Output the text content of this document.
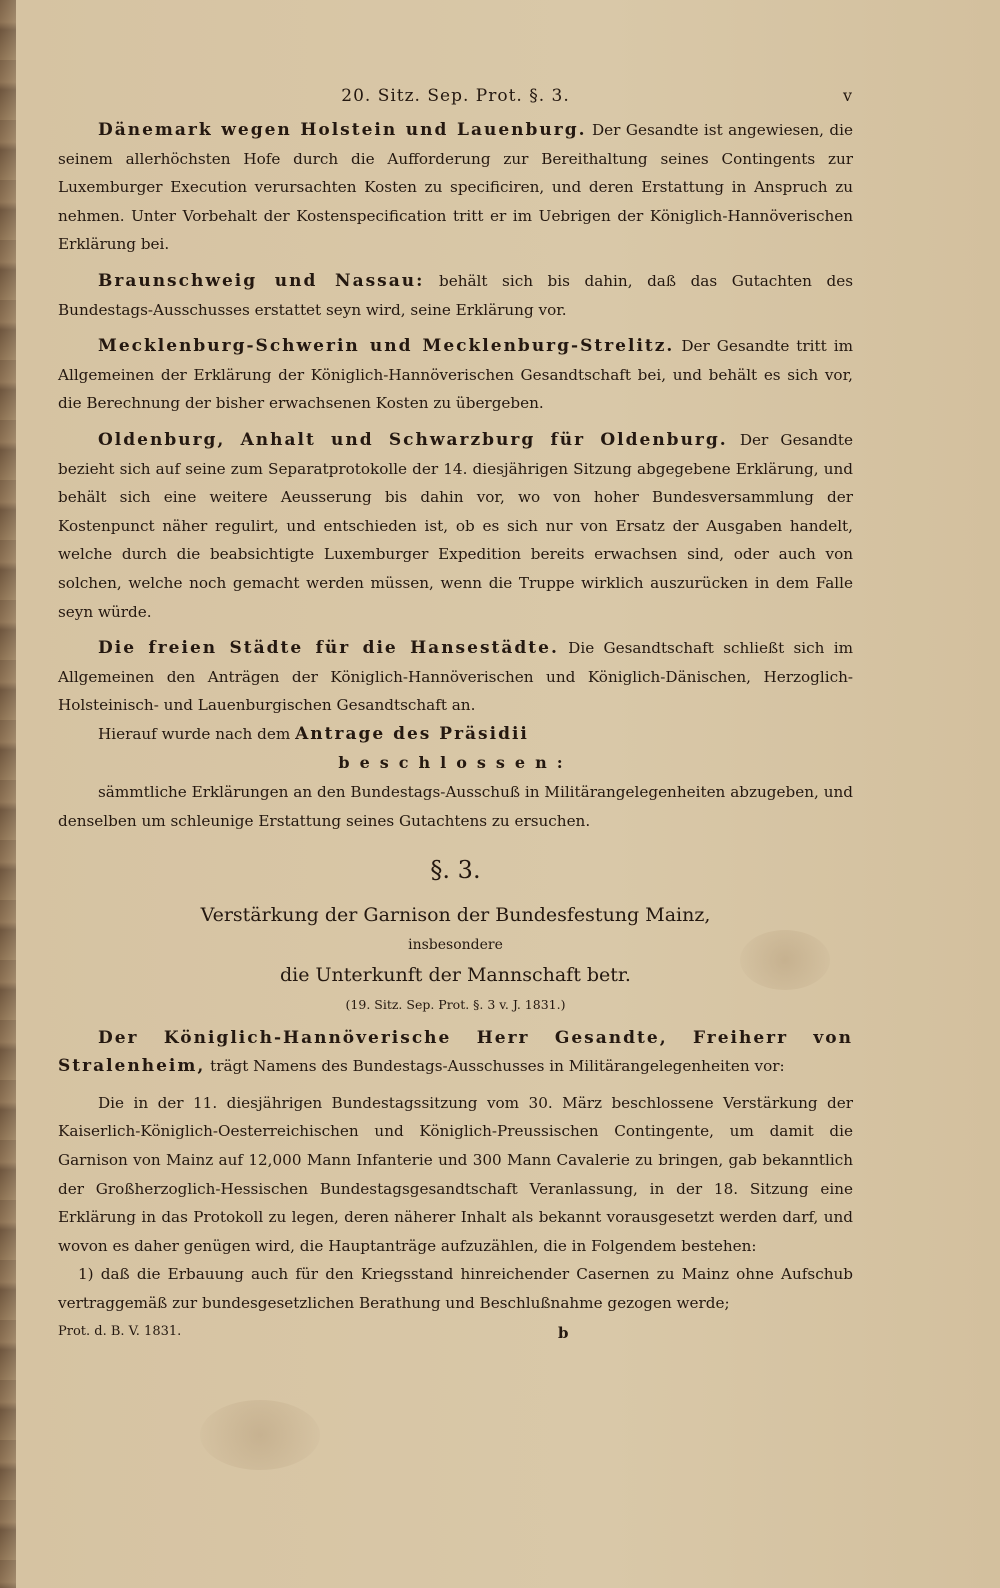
20. Sitz. Sep. Prot. §. 3.	v

Dänemark wegen Holstein und Lauenburg. Der Gesandte ist angewiesen, die seinem allerhöchsten Hofe durch die Aufforderung zur Bereithaltung seines Contingents zur Luxemburger Execution verursachten Kosten zu specificiren, und deren Erstattung in Anspruch zu nehmen. Unter Vorbehalt der Kostenspecification tritt er im Uebrigen der Königlich-Hannöverischen Erklärung bei.

Braunschweig und Nassau: behält sich bis dahin, daß das Gutachten des Bundestags-Ausschusses erstattet seyn wird, seine Erklärung vor.

Mecklenburg-Schwerin und Mecklenburg-Strelitz. Der Gesandte tritt im Allgemeinen der Erklärung der Königlich-Hannöverischen Gesandtschaft bei, und behält es sich vor, die Berechnung der bisher erwachsenen Kosten zu übergeben.

Oldenburg, Anhalt und Schwarzburg für Oldenburg. Der Gesandte bezieht sich auf seine zum Separatprotokolle der 14. diesjährigen Sitzung abgegebene Erklärung, und behält sich eine weitere Aeusserung bis dahin vor, wo von hoher Bundesversammlung der Kostenpunct näher regulirt, und entschieden ist, ob es sich nur von Ersatz der Ausgaben handelt, welche durch die beabsichtigte Luxemburger Expedition bereits erwachsen sind, oder auch von solchen, welche noch gemacht werden müssen, wenn die Truppe wirklich auszurücken in dem Falle seyn würde.

Die freien Städte für die Hansestädte. Die Gesandtschaft schließt sich im Allgemeinen den Anträgen der Königlich-Hannöverischen und Königlich-Dänischen, Herzoglich-Holsteinisch- und Lauenburgischen Gesandtschaft an.

Hierauf wurde nach dem Antrage des Präsidii

beschlossen:

sämmtliche Erklärungen an den Bundestags-Ausschuß in Militärangelegenheiten abzugeben, und denselben um schleunige Erstattung seines Gutachtens zu ersuchen.

§. 3.
Verstärkung der Garnison der Bundesfestung Mainz,
insbesondere
die Unterkunft der Mannschaft betr.
(19. Sitz. Sep. Prot. §. 3 v. J. 1831.)

Der Königlich-Hannöverische Herr Gesandte, Freiherr von Stralenheim, trägt Namens des Bundestags-Ausschusses in Militärangelegenheiten vor:

Die in der 11. diesjährigen Bundestagssitzung vom 30. März beschlossene Verstärkung der Kaiserlich-Königlich-Oesterreichischen und Königlich-Preussischen Contingente, um damit die Garnison von Mainz auf 12,000 Mann Infanterie und 300 Mann Cavalerie zu bringen, gab bekanntlich der Großherzoglich-Hessischen Bundestagsgesandtschaft Veranlassung, in der 18. Sitzung eine Erklärung in das Protokoll zu legen, deren näherer Inhalt als bekannt vorausgesetzt werden darf, und wovon es daher genügen wird, die Hauptanträge aufzuzählen, die in Folgendem bestehen:

1) daß die Erbauung auch für den Kriegsstand hinreichender Casernen zu Mainz ohne Aufschub vertraggemäß zur bundesgesetzlichen Berathung und Beschlußnahme gezogen werde;

Prot. d. B. V. 1831.	b
